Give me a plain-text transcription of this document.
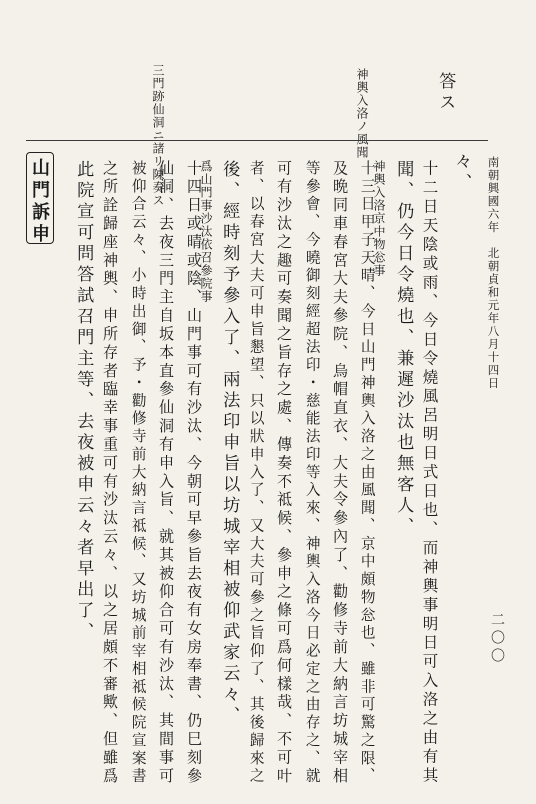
南朝興國六年　北朝貞和元年八月十四日
二〇〇
答ス
神輿入洛ノ風聞
三門跡仙洞ニ諸リ陳奏ス	々、
十二日天陰或雨、今日令燒風呂明日式日也、而神輿事明日可入洛之由有其
聞、仍今日令燒也、兼遲沙汰也無客人、
神輿入洛京中物忩事
十三日甲子天晴、今日山門神輿入洛之由風聞、京中頗物忩也、雖非可驚之限、
及晩同車春宮大夫參院、烏帽直衣、大夫令參內了、勸修寺前大納言坊城宰相
等參會、今曉御刻經超法印・慈能法印等入來、神輿入洛今日必定之由存之、就
可有沙汰之趣可奏聞之旨存之處、傳奏不祗候、參申之條可爲何樣哉、不可叶
者、以春宮大夫可申旨懇望、只以狀申入了、又大夫可參之旨仰了、其後歸來之
後、經時刻予參入了、兩法印申旨以坊城宰相被仰武家云々、
爲山門事沙汰依召參院事
十四日或晴或陰、山門事可有沙汰、今朝可早參旨去夜有女房奉書、仍巳刻參
仙洞、去夜三門主自坂本直參仙洞有申入旨、就其被仰合可有沙汰、其間事可
被仰合云々、小時出御、予・勸修寺前大納言祗候、又坊城前宰相祗候院宣案書
之所詮歸座神輿、申所存者臨幸事重可有沙汰云々、以之居頗不審歟、但雖爲
此院宣可問答試召門主等、去夜被申云々者早出了、
山門訴申
